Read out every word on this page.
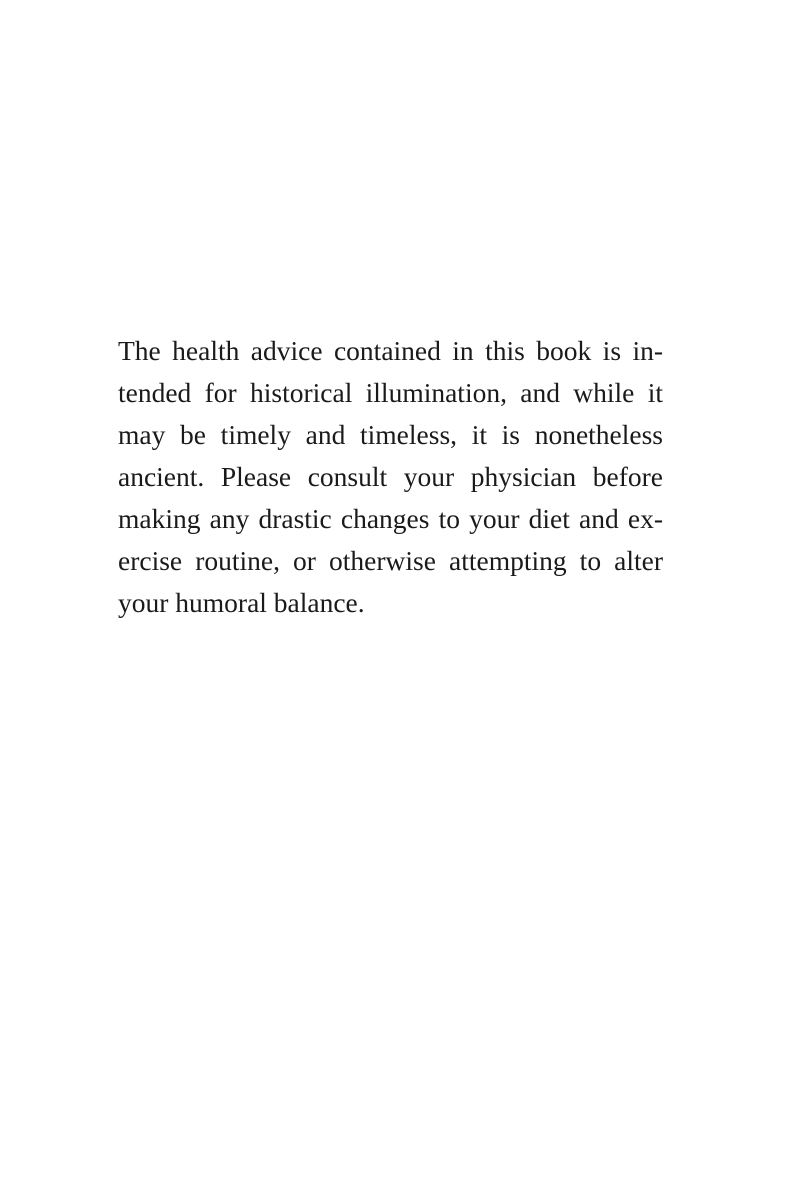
The health advice contained in this book is in-
tended for historical illumination, and while it
may be timely and timeless, it is nonetheless
ancient. Please consult your physician before
making any drastic changes to your diet and ex-
ercise routine, or otherwise attempting to alter
your humoral balance.
